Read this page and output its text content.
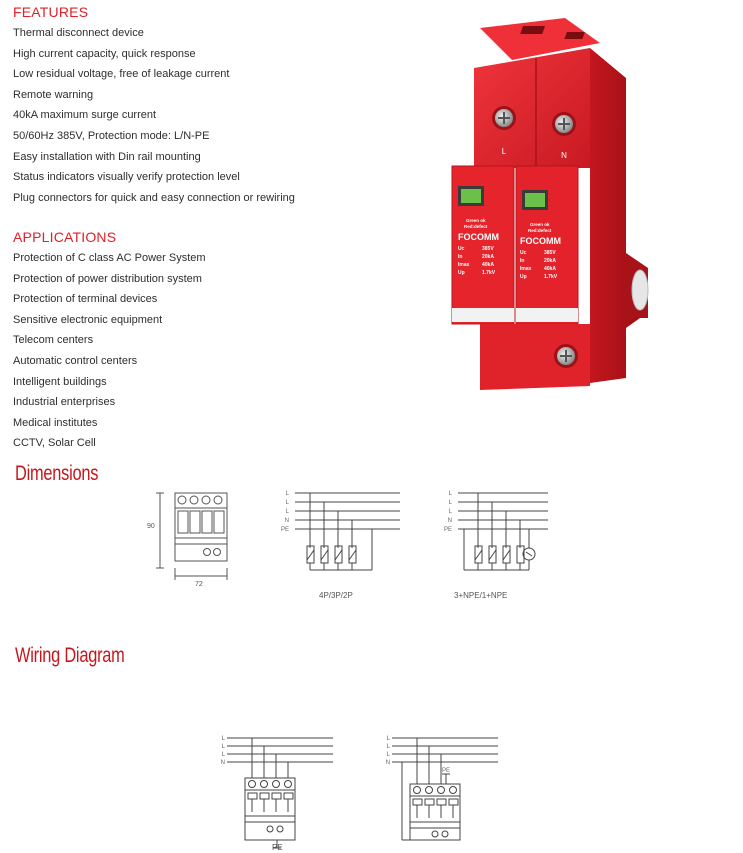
FEATURES
Thermal disconnect device
High current capacity, quick response
Low residual voltage, free of leakage current
Remote warning
40kA maximum surge current
50/60Hz 385V, Protection mode: L/N-PE
Easy installation with Din rail mounting
Status indicators visually verify protection level
Plug connectors for quick and easy connection or rewiring
APPLICATIONS
Protection of C class AC Power System
Protection of power distribution system
Protection of terminal devices
Sensitive electronic equipment
Telecom centers
Automatic control centers
Intelligent buildings
Industrial enterprises
Medical institutes
CCTV, Solar Cell
L	N
Green ok
Red:defect
FOCOMM
Uc	385V
In	20kA
Imax	40kA
Up	1.7kV
Green ok
Red:defect
FOCOMM
Uc	385V
In	20kA
Imax	40kA
Up	1.7kV
Dimensions
90
72
L
L
L
N
PE
4P/3P/2P
L
L
L
N
PE
3+NPE/1+NPE
Wiring Diagram
L
L
L
N
PE
L
L
L
N
PE
